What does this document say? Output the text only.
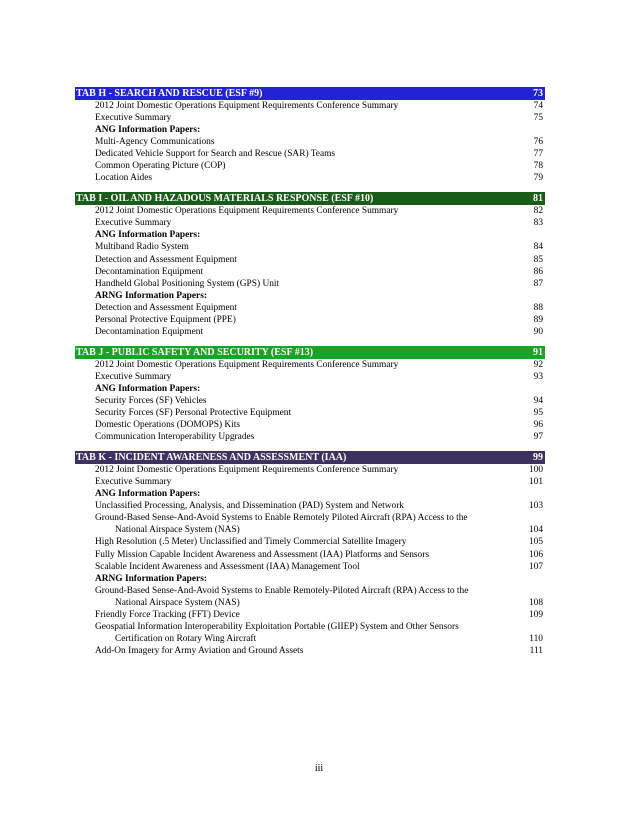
TAB H - SEARCH AND RESCUE (ESF #9)	73
2012 Joint Domestic Operations Equipment Requirements Conference Summary	74
Executive Summary	75
ANG Information Papers:
Multi-Agency Communications	76
Dedicated Vehicle Support for Search and Rescue (SAR) Teams	77
Common Operating Picture (COP)	78
Location Aides	79
TAB I - OIL AND HAZADOUS MATERIALS RESPONSE (ESF #10)	81
2012 Joint Domestic Operations Equipment Requirements Conference Summary	82
Executive Summary	83
ANG Information Papers:
Multiband Radio System	84
Detection and Assessment Equipment	85
Decontamination Equipment	86
Handheld Global Positioning System (GPS) Unit	87
ARNG Information Papers:
Detection and Assessment Equipment	88
Personal Protective Equipment (PPE)	89
Decontamination Equipment	90
TAB J - PUBLIC SAFETY AND SECURITY (ESF #13)	91
2012 Joint Domestic Operations Equipment Requirements Conference Summary	92
Executive Summary	93
ANG Information Papers:
Security Forces (SF) Vehicles	94
Security Forces (SF) Personal Protective Equipment	95
Domestic Operations (DOMOPS) Kits	96
Communication Interoperability Upgrades	97
TAB K - INCIDENT AWARENESS AND ASSESSMENT (IAA)	99
2012 Joint Domestic Operations Equipment Requirements Conference Summary	100
Executive Summary	101
ANG Information Papers:
Unclassified Processing, Analysis, and Dissemination (PAD) System and Network	103
Ground-Based Sense-And-Avoid Systems to Enable Remotely Piloted Aircraft (RPA) Access to the
National Airspace System (NAS)	104
High Resolution (.5 Meter) Unclassified and Timely Commercial Satellite Imagery	105
Fully Mission Capable Incident Awareness and Assessment (IAA) Platforms and Sensors	106
Scalable Incident Awareness and Assessment (IAA) Management Tool	107
ARNG Information Papers:
Ground-Based Sense-And-Avoid Systems to Enable Remotely-Piloted Aircraft (RPA) Access to the
National Airspace System (NAS)	108
Friendly Force Tracking (FFT) Device	109
Geospatial Information Interoperability Exploitation Portable (GIIEP) System and Other Sensors
Certification on Rotary Wing Aircraft	110
Add-On Imagery for Army Aviation and Ground Assets	111
iii
